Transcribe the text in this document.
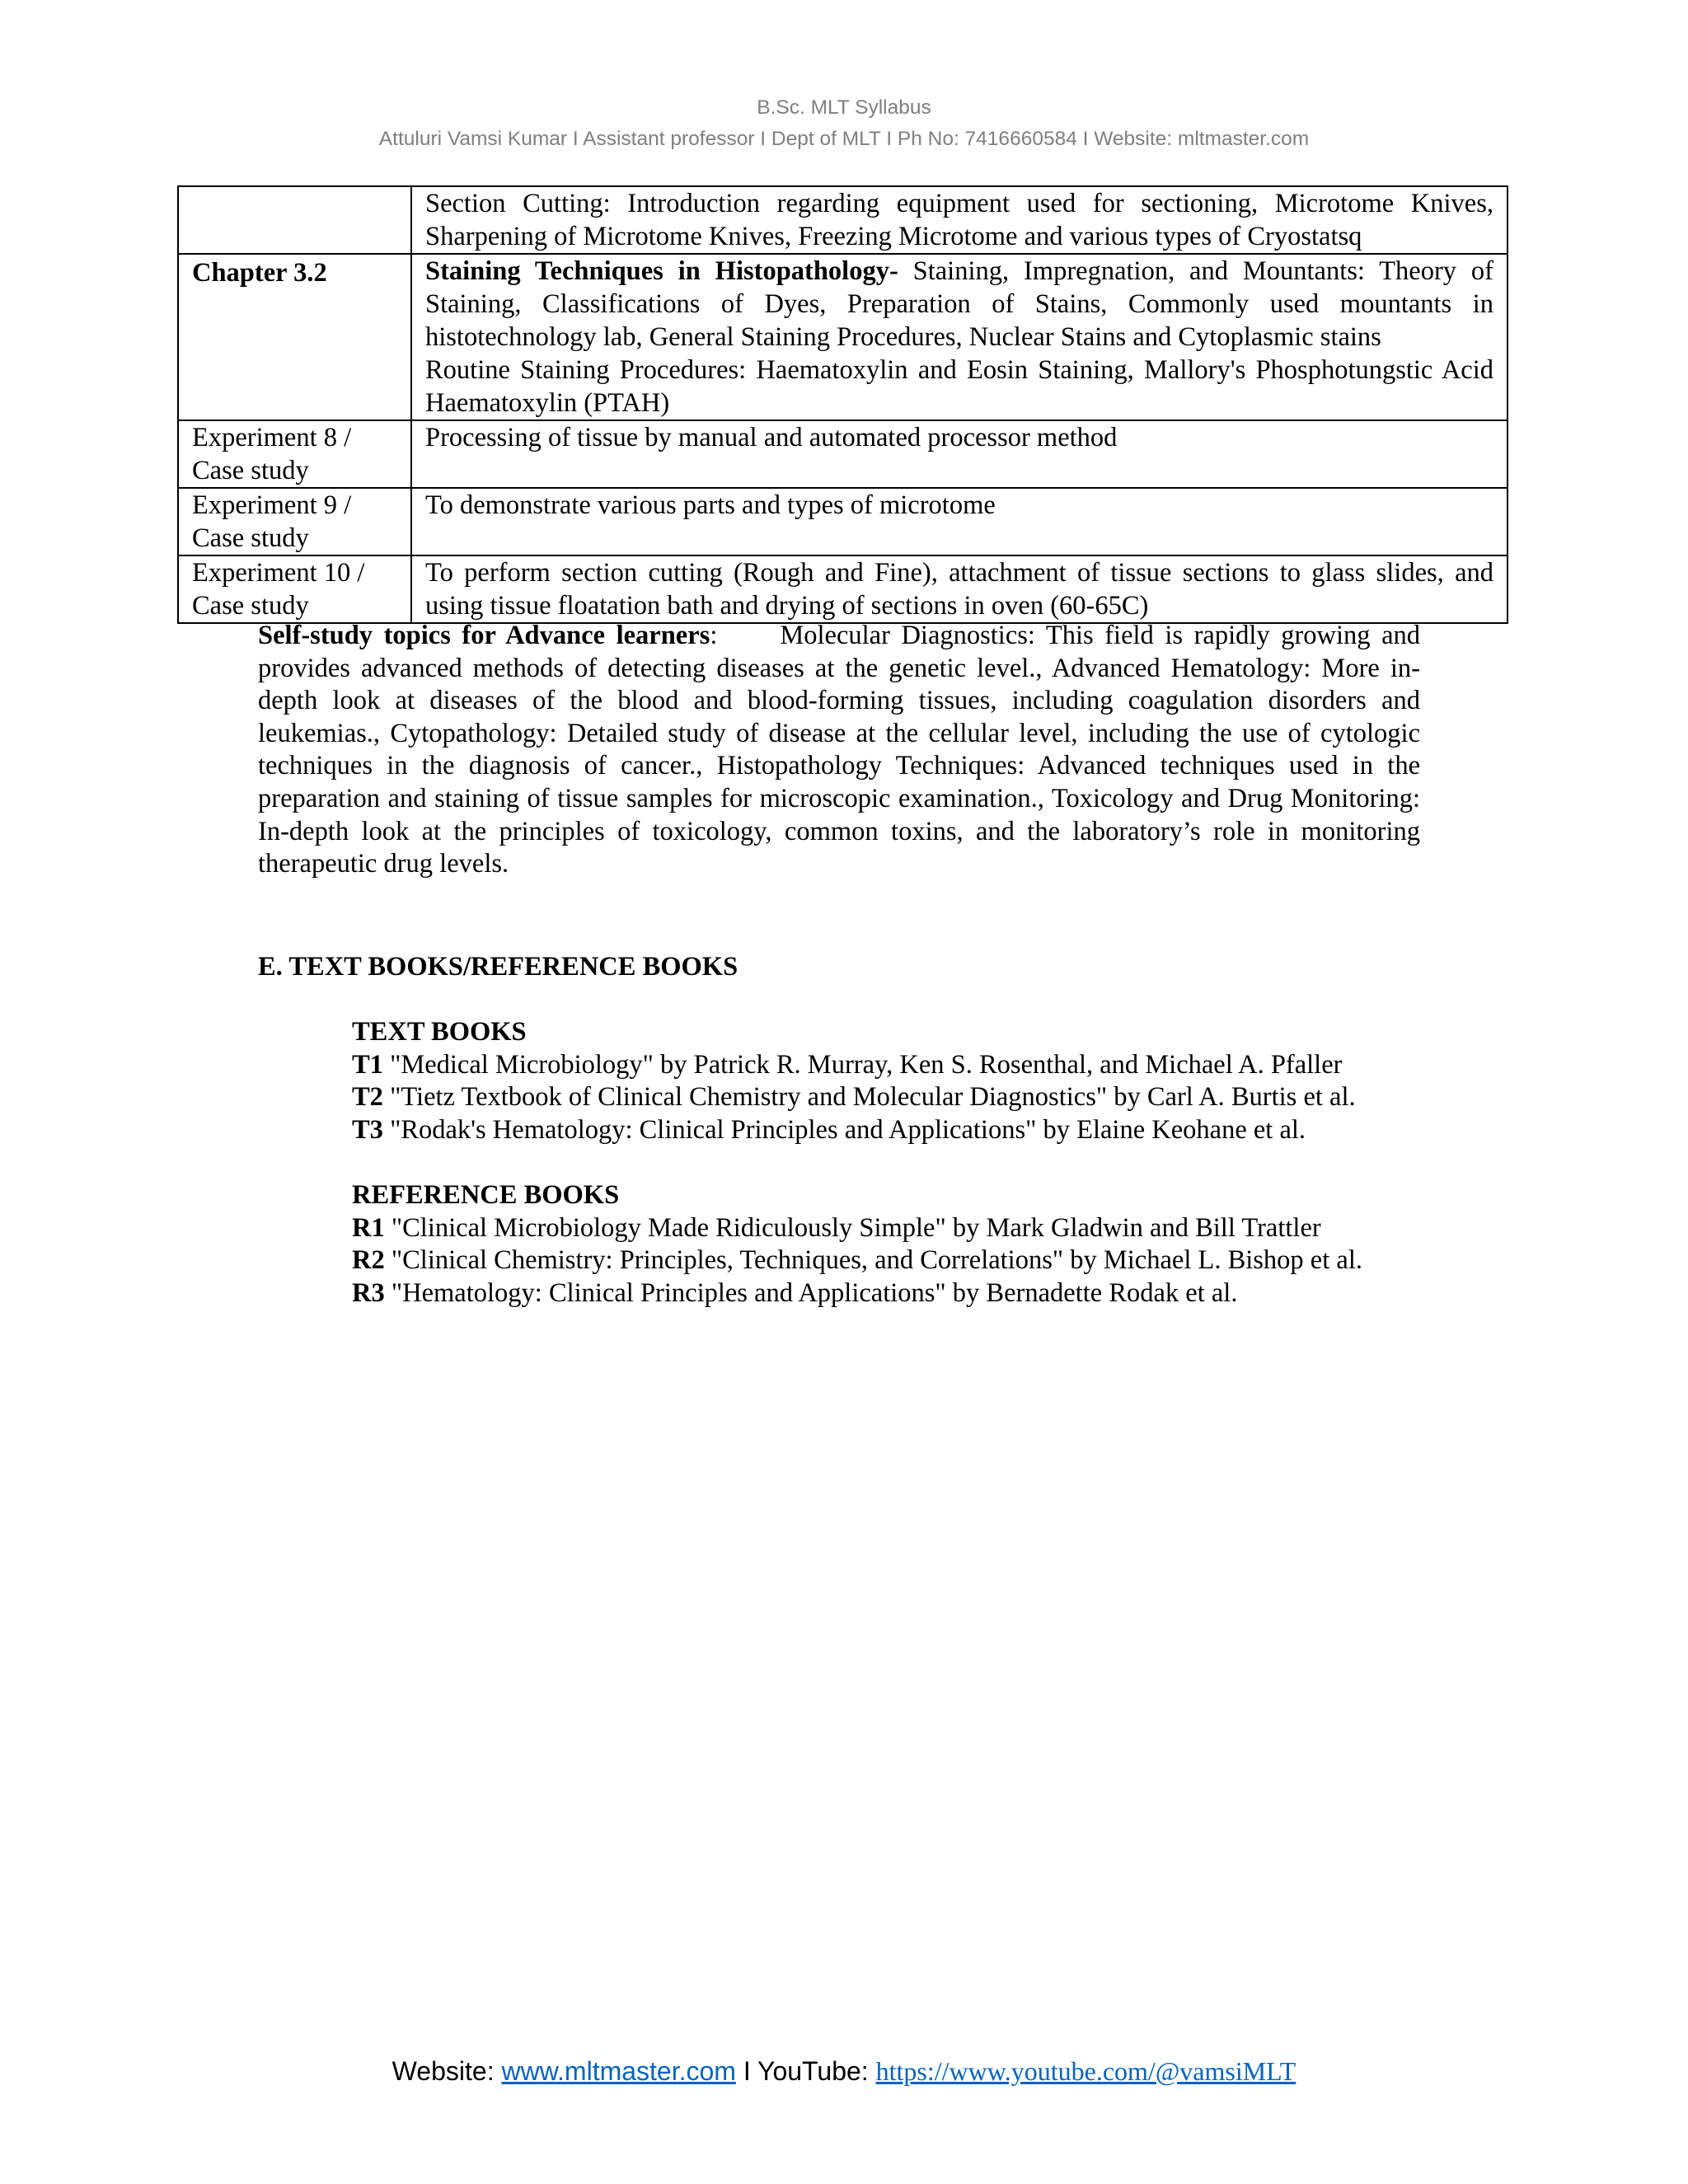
B.Sc. MLT Syllabus
Attuluri Vamsi Kumar I Assistant professor I Dept of MLT I Ph No: 7416660584 I Website: mltmaster.com
	Section Cutting: Introduction regarding equipment used for sectioning, Microtome Knives, Sharpening of Microtome Knives, Freezing Microtome and various types of Cryostatsq
Chapter 3.2	Staining Techniques in Histopathology- Staining, Impregnation, and Mountants: Theory of Staining, Classifications of Dyes, Preparation of Stains, Commonly used mountants in histotechnology lab, General Staining Procedures, Nuclear Stains and Cytoplasmic stains
Routine Staining Procedures: Haematoxylin and Eosin Staining, Mallory's Phosphotungstic Acid Haematoxylin (PTAH)
Experiment 8 /
Case study	Processing of tissue by manual and automated processor method
Experiment 9 /
Case study	To demonstrate various parts and types of microtome
Experiment 10 /
Case study	To perform section cutting (Rough and Fine), attachment of tissue sections to glass slides, and using tissue floatation bath and drying of sections in oven (60-65C)
Self-study topics for Advance learners: Molecular Diagnostics: This field is rapidly growing and provides advanced methods of detecting diseases at the genetic level., Advanced Hematology: More in-depth look at diseases of the blood and blood-forming tissues, including coagulation disorders and leukemias., Cytopathology: Detailed study of disease at the cellular level, including the use of cytologic techniques in the diagnosis of cancer., Histopathology Techniques: Advanced techniques used in the preparation and staining of tissue samples for microscopic examination., Toxicology and Drug Monitoring: In-depth look at the principles of toxicology, common toxins, and the laboratory’s role in monitoring therapeutic drug levels.
E. TEXT BOOKS/REFERENCE BOOKS
TEXT BOOKS
T1 "Medical Microbiology" by Patrick R. Murray, Ken S. Rosenthal, and Michael A. Pfaller
T2 "Tietz Textbook of Clinical Chemistry and Molecular Diagnostics" by Carl A. Burtis et al.
T3 "Rodak's Hematology: Clinical Principles and Applications" by Elaine Keohane et al.
REFERENCE BOOKS
R1 "Clinical Microbiology Made Ridiculously Simple" by Mark Gladwin and Bill Trattler
R2 "Clinical Chemistry: Principles, Techniques, and Correlations" by Michael L. Bishop et al.
R3 "Hematology: Clinical Principles and Applications" by Bernadette Rodak et al.
Website: www.mltmaster.com I YouTube: https://www.youtube.com/@vamsiMLT
